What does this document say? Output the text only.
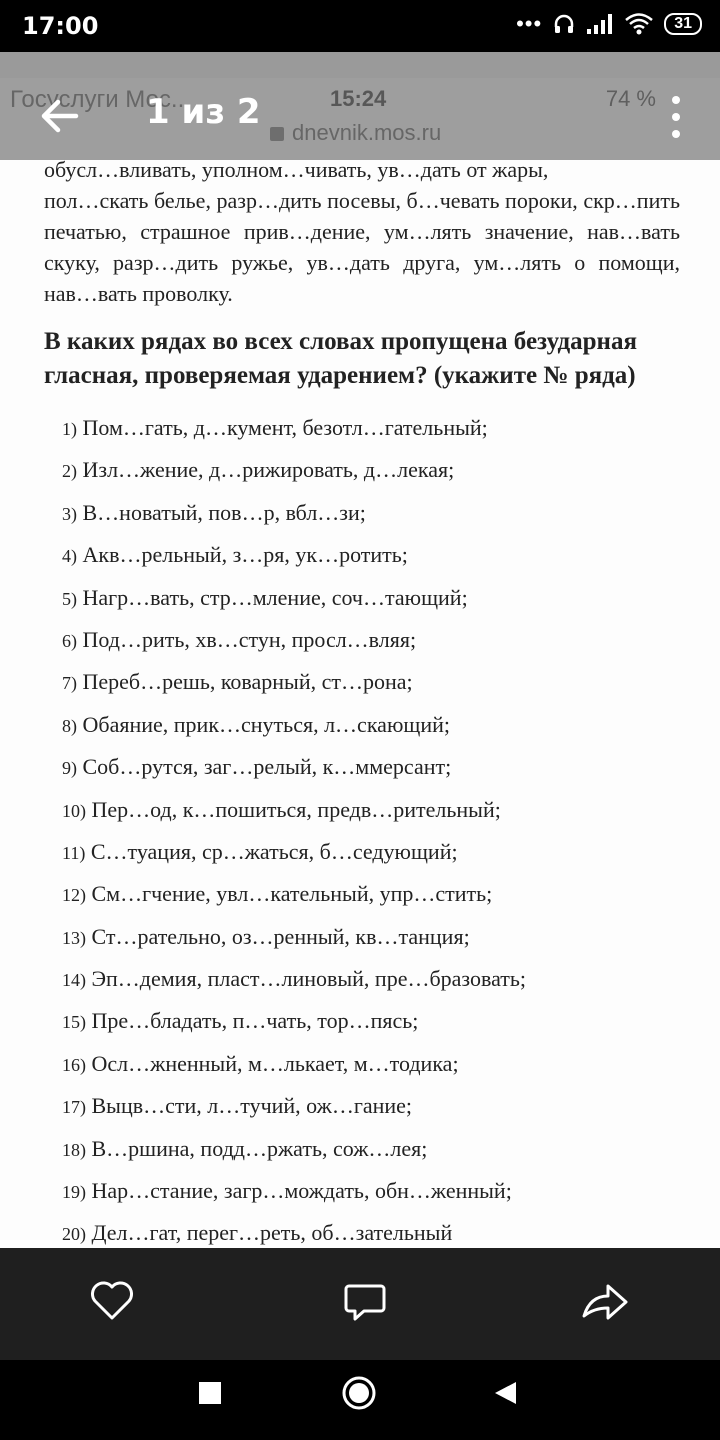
17:00	•••	31
1 из 2
обусл…вливать, уполном…чивать, ув…дать от жары,
пол…скать белье, разр…дить посевы, б…чевать пороки, скр…пить печатью, страшное прив…дение, ум…лять значение, нав…вать скуку, разр…дить ружье, ув…дать друга, ум…лять о помощи, нав…вать проволку.
В каких рядах во всех словах пропущена безударная гласная, проверяемая ударением? (укажите № ряда)
1) Пом…гать, д…кумент, безотл…гательный;
2) Изл…жение, д…рижировать, д…лекая;
3) В…новатый, пов…р, вбл…зи;
4) Акв…рельный, з…ря, ук…ротить;
5) Нагр…вать, стр…мление, соч…тающий;
6) Под…рить, хв…стун, просл…вляя;
7) Переб…решь, коварный, ст…рона;
8) Обаяние, прик…снуться, л…скающий;
9) Соб…рутся, заг…релый, к…ммерсант;
10) Пер…од, к…пошиться, предв…рительный;
11) С…туация, ср…жаться, б…седующий;
12) См…гчение, увл…кательный, упр…стить;
13) Ст…рательно, оз…ренный, кв…танция;
14) Эп…демия, пласт…линовый, пре…бразовать;
15) Пре…бладать, п…чать, тор…пясь;
16) Осл…жненный, м…лькает, м…тодика;
17) Выцв…сти, л…тучий, ож…гание;
18) В…ршина, подд…ржать, сож…лея;
19) Нар…стание, загр…мождать, обн…женный;
20) Дел…гат, перег…реть, об…зательный
